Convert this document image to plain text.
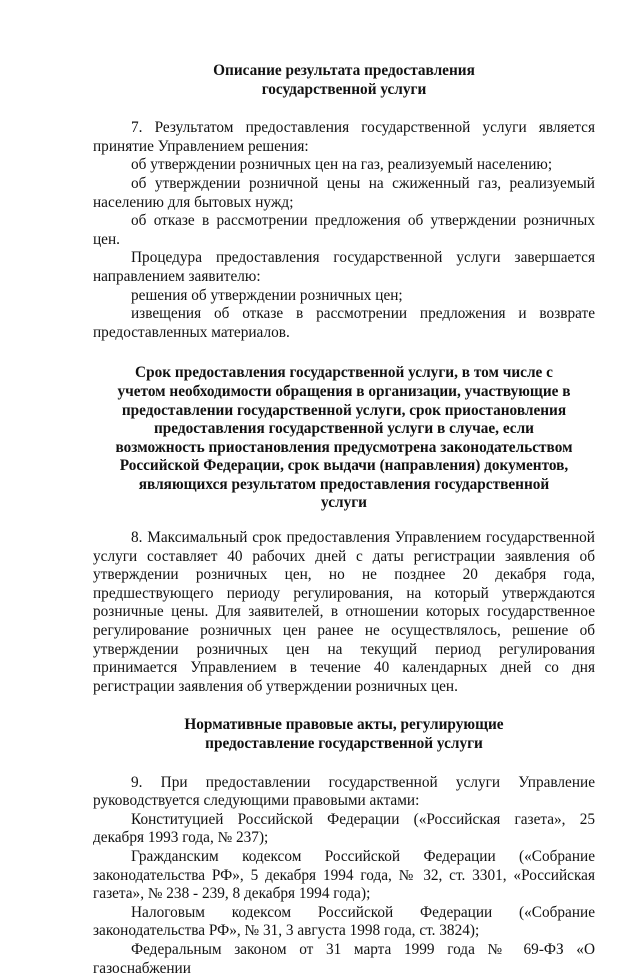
Описание результата предоставления государственной услуги

7. Результатом предоставления государственной услуги является принятие Управлением решения:

об утверждении розничных цен на газ, реализуемый населению;

об утверждении розничной цены на сжиженный газ, реализуемый населению для бытовых нужд;

об отказе в рассмотрении предложения об утверждении розничных цен.

Процедура предоставления государственной услуги завершается направлением заявителю:

решения об утверждении розничных цен;

извещения об отказе в рассмотрении предложения и возврате предоставленных материалов.

Срок предоставления государственной услуги, в том числе с учетом необходимости обращения в организации, участвующие в предоставлении государственной услуги, срок приостановления предоставления государственной услуги в случае, если возможность приостановления предусмотрена законодательством Российской Федерации, срок выдачи (направления) документов, являющихся результатом предоставления государственной услуги

8. Максимальный срок предоставления Управлением государственной услуги составляет 40 рабочих дней с даты регистрации заявления об утверждении розничных цен, но не позднее 20 декабря года, предшествующего периоду регулирования, на который утверждаются розничные цены. Для заявителей, в отношении которых государственное регулирование розничных цен ранее не осуществлялось, решение об утверждении розничных цен на текущий период регулирования принимается Управлением в течение 40 календарных дней со дня регистрации заявления об утверждении розничных цен.

Нормативные правовые акты, регулирующие предоставление государственной услуги

9. При предоставлении государственной услуги Управление руководствуется следующими правовыми актами:

Конституцией Российской Федерации («Российская газета», 25 декабря 1993 года, № 237);

Гражданским кодексом Российской Федерации («Собрание законодательства РФ», 5 декабря 1994 года, № 32, ст. 3301, «Российская газета», № 238 - 239, 8 декабря 1994 года);

Налоговым кодексом Российской Федерации («Собрание законодательства РФ», № 31, 3 августа 1998 года, ст. 3824);

Федеральным законом от 31 марта 1999 года № 69-ФЗ «О газоснабжении
